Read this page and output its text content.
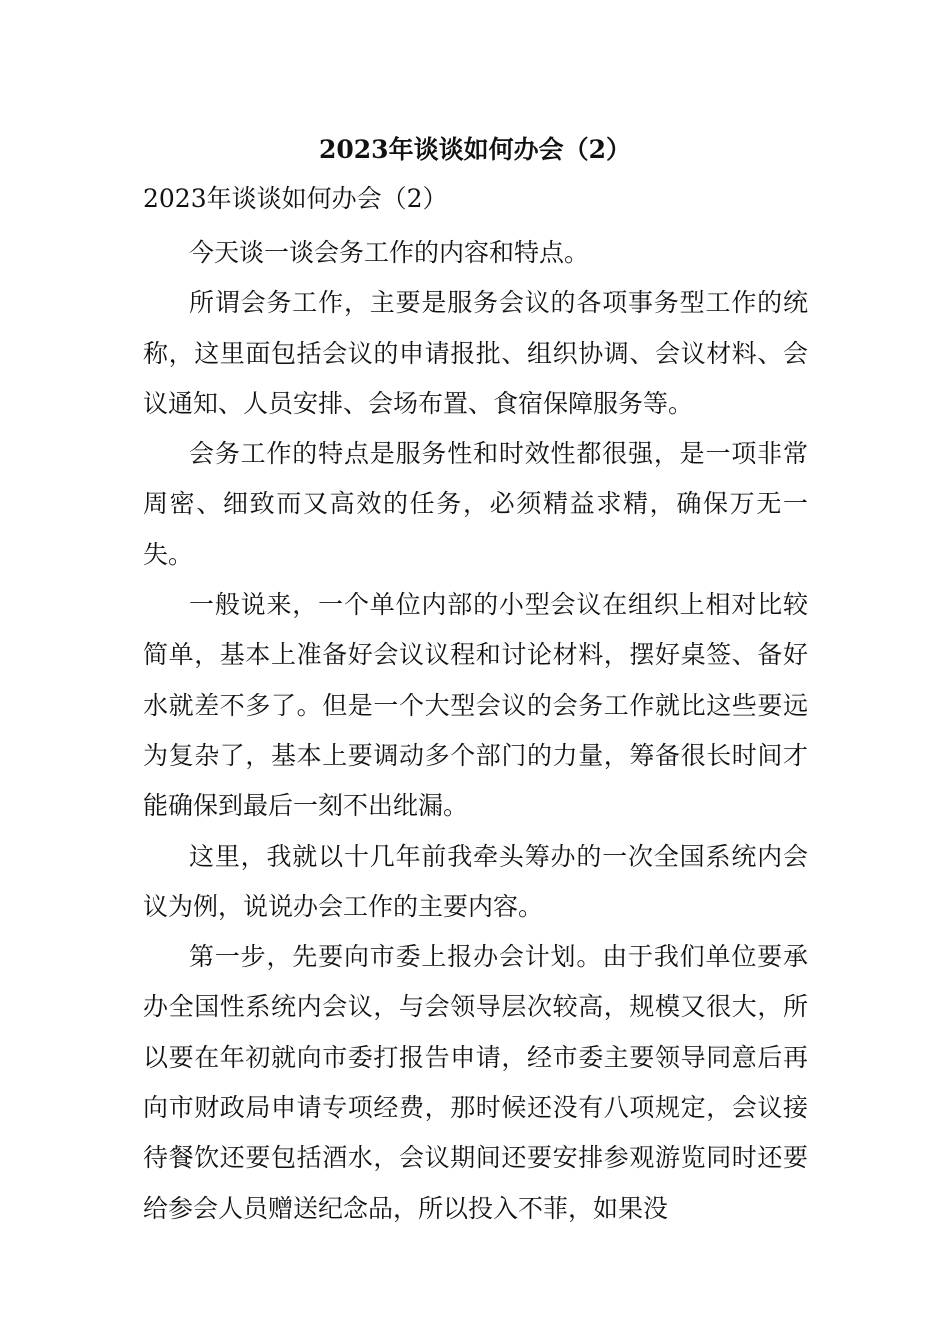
2023年谈谈如何办会（2）

2023年谈谈如何办会（2）

今天谈一谈会务工作的内容和特点。

所谓会务工作，主要是服务会议的各项事务型工作的统称，这里面包括会议的申请报批、组织协调、会议材料、会议通知、人员安排、会场布置、食宿保障服务等。

会务工作的特点是服务性和时效性都很强，是一项非常周密、细致而又高效的任务，必须精益求精，确保万无一失。

一般说来，一个单位内部的小型会议在组织上相对比较简单，基本上准备好会议议程和讨论材料，摆好桌签、备好水就差不多了。但是一个大型会议的会务工作就比这些要远为复杂了，基本上要调动多个部门的力量，筹备很长时间才能确保到最后一刻不出纰漏。

这里，我就以十几年前我牵头筹办的一次全国系统内会议为例，说说办会工作的主要内容。

第一步，先要向市委上报办会计划。由于我们单位要承办全国性系统内会议，与会领导层次较高，规模又很大，所以要在年初就向市委打报告申请，经市委主要领导同意后再向市财政局申请专项经费，那时候还没有八项规定，会议接待餐饮还要包括酒水，会议期间还要安排参观游览同时还要给参会人员赠送纪念品，所以投入不菲，如果没
